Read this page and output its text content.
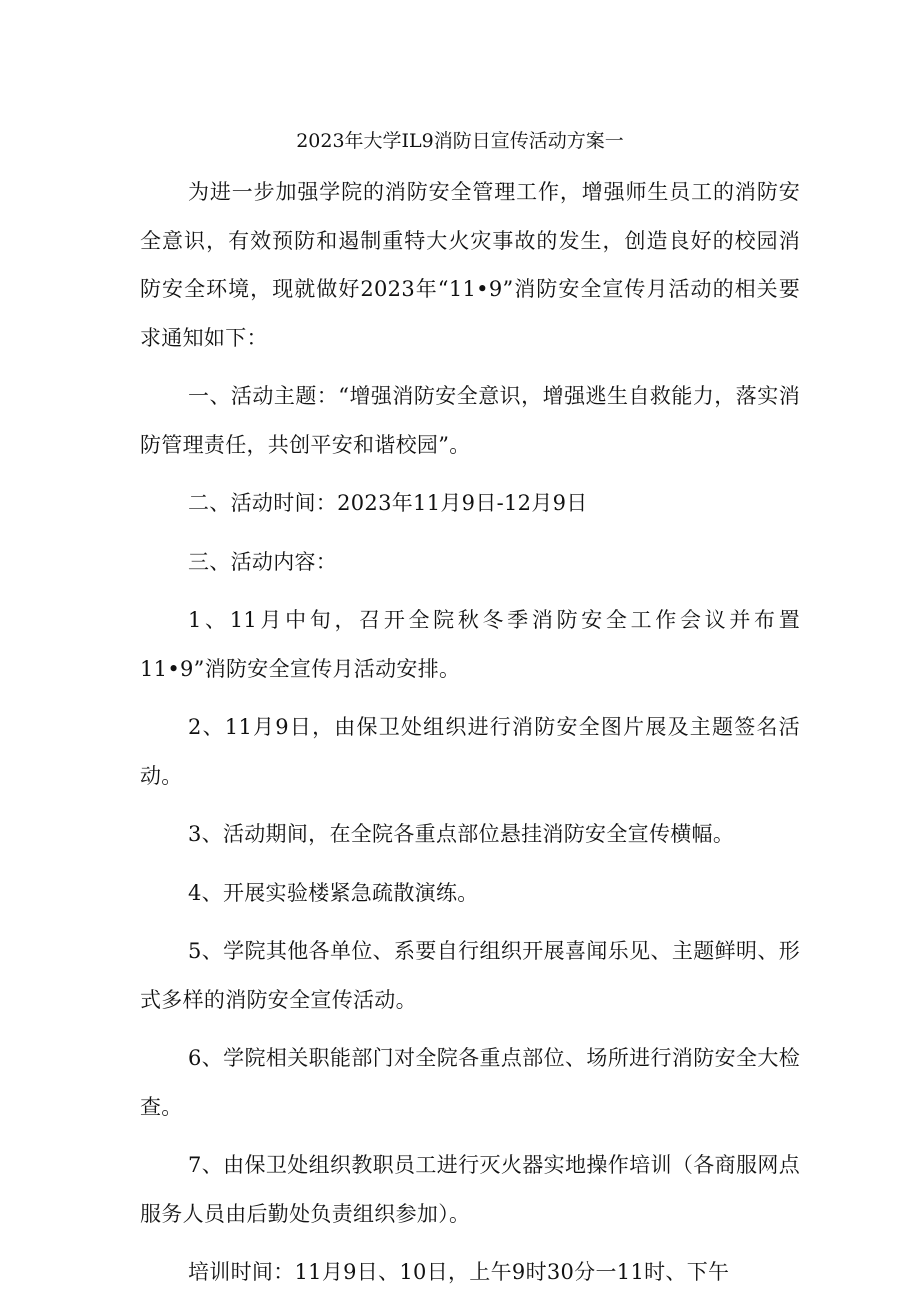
2023年大学IL9消防日宣传活动方案一

为进一步加强学院的消防安全管理工作，增强师生员工的消防安全意识，有效预防和遏制重特大火灾事故的发生，创造良好的校园消防安全环境，现就做好2023年“11•9”消防安全宣传月活动的相关要求通知如下：

一、活动主题：“增强消防安全意识，增强逃生自救能力，落实消防管理责任，共创平安和谐校园”。

二、活动时间：2023年11月9日-12月9日

三、活动内容：

1、11月中旬，召开全院秋冬季消防安全工作会议并布置11•9”消防安全宣传月活动安排。

2、11月9日，由保卫处组织进行消防安全图片展及主题签名活动。

3、活动期间，在全院各重点部位悬挂消防安全宣传横幅。

4、开展实验楼紧急疏散演练。

5、学院其他各单位、系要自行组织开展喜闻乐见、主题鲜明、形式多样的消防安全宣传活动。

6、学院相关职能部门对全院各重点部位、场所进行消防安全大检查。

7、由保卫处组织教职员工进行灭火器实地操作培训（各商服网点服务人员由后勤处负责组织参加）。

培训时间：11月9日、10日，上午9时30分一11时、下午
